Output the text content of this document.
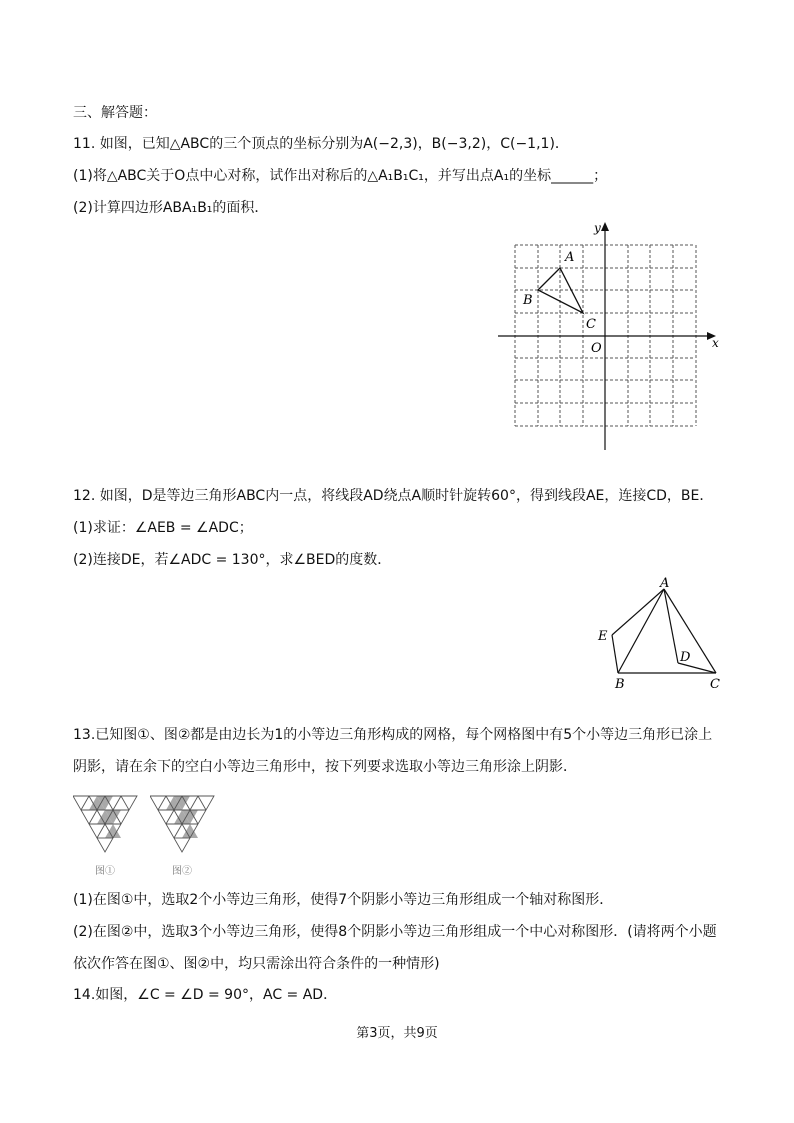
三、解答题：
11. 如图，已知△ABC的三个顶点的坐标分别为A(−2,3)，B(−3,2)，C(−1,1)．
(1)将△ABC关于O点中心对称，试作出对称后的△A₁B₁C₁，并写出点A₁的坐标______；
(2)计算四边形ABA₁B₁的面积．
A
B
C
O	x
y
12. 如图，D是等边三角形ABC内一点，将线段AD绕点A顺时针旋转60°，得到线段AE，连接CD，BE．
(1)求证：∠AEB = ∠ADC；
(2)连接DE，若∠ADC = 130°，求∠BED的度数．
A
B	C
D
E
13.已知图①、图②都是由边长为1的小等边三角形构成的网格，每个网格图中有5个小等边三角形已涂上
阴影，请在余下的空白小等边三角形中，按下列要求选取小等边三角形涂上阴影．
图①	图②
(1)在图①中，选取2个小等边三角形，使得7个阴影小等边三角形组成一个轴对称图形．
(2)在图②中，选取3个小等边三角形，使得8个阴影小等边三角形组成一个中心对称图形．(请将两个小题
依次作答在图①、图②中，均只需涂出符合条件的一种情形)
14.如图，∠C = ∠D = 90°，AC = AD．
第3页，共9页
